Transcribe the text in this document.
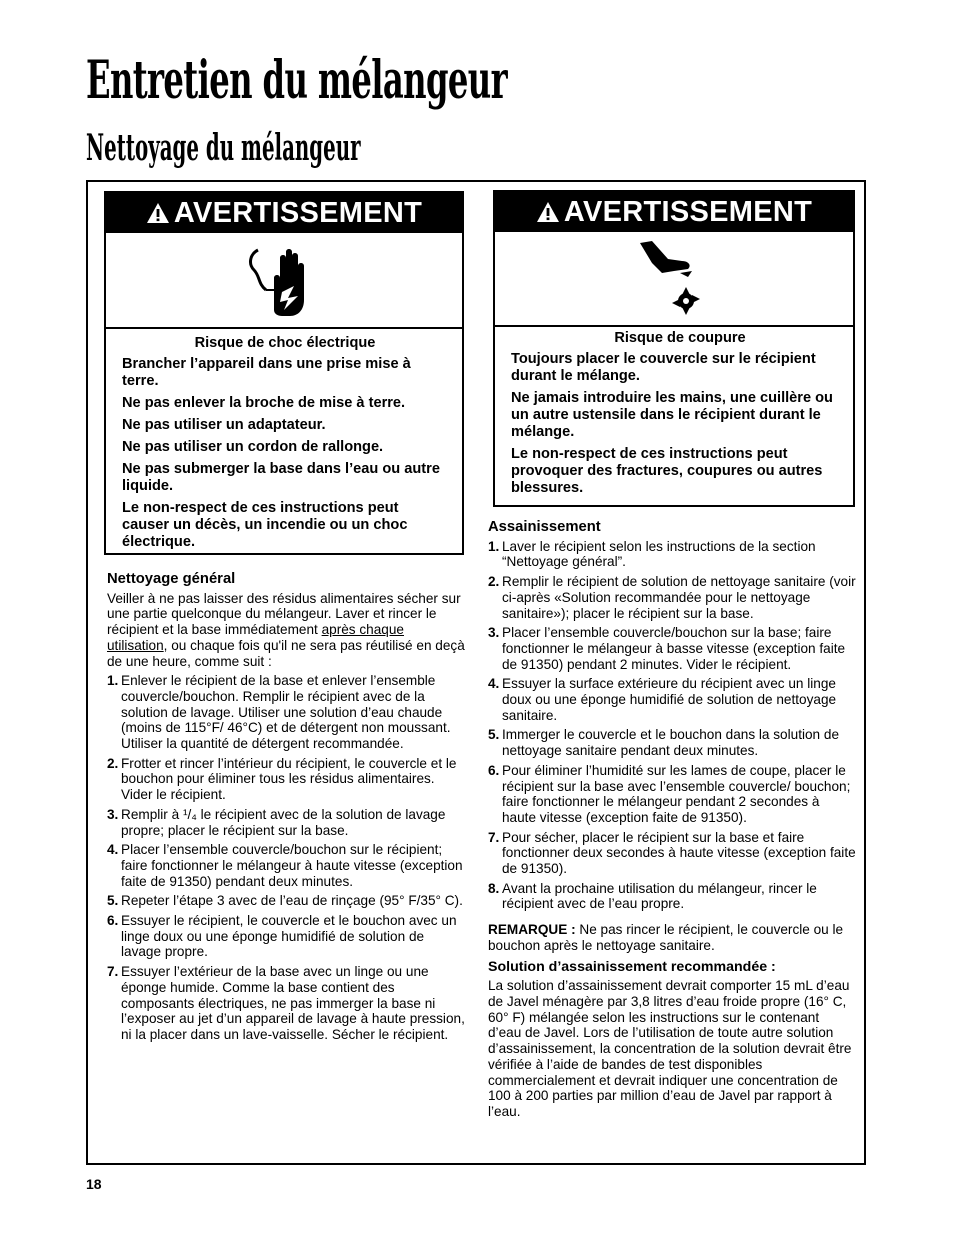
Entretien du mélangeur
Nettoyage du mélangeur
AVERTISSEMENT
Risque de choc électrique

Brancher l’appareil dans une prise mise à terre.

Ne pas enlever la broche de mise à terre.

Ne pas utiliser un adaptateur.

Ne pas utiliser un cordon de rallonge.

Ne pas submerger la base dans l’eau ou autre liquide.

Le non-respect de ces instructions peut causer un décès, un incendie ou un choc électrique.

AVERTISSEMENT
Risque de coupure

Toujours placer le couvercle sur le récipient durant le mélange.

Ne jamais introduire les mains, une cuillère ou un autre ustensile dans le récipient durant le mélange.

Le non-respect de ces instructions peut provoquer des fractures, coupures ou autres blessures.

Nettoyage général

Veiller à ne pas laisser des résidus alimentaires sécher sur une partie quelconque du mélangeur. Laver et rincer le récipient et la base immédiatement après chaque utilisation, ou chaque fois qu'il ne sera pas réutilisé en deçà de une heure, comme suit :

1. Enlever le récipient de la base et enlever l’ensemble couvercle/bouchon. Remplir le récipient avec de la solution de lavage. Utiliser une solution d’eau chaude (moins de 115°F/ 46°C) et de détergent non moussant. Utiliser la quantité de détergent recommandée.
2. Frotter et rincer l’intérieur du récipient, le couvercle et le bouchon pour éliminer tous les résidus alimentaires. Vider le récipient.
3. Remplir à ¹/₄ le récipient avec de la solution de lavage propre; placer le récipient sur la base.
4. Placer l’ensemble couvercle/bouchon sur le récipient; faire fonctionner le mélangeur à haute vitesse (exception faite de 91350) pendant deux minutes.
5. Repeter l’étape 3 avec de l’eau de rinçage (95° F/35° C).
6. Essuyer le récipient, le couvercle et le bouchon avec un linge doux ou une éponge humidifié de solution de lavage propre.
7. Essuyer l’extérieur de la base avec un linge ou une éponge humide. Comme la base contient des composants électriques, ne pas immerger la base ni l’exposer au jet d’un appareil de lavage à haute pression, ni la placer dans un lave-vaisselle. Sécher le récipient.
Assainissement
1. Laver le récipient selon les instructions de la section “Nettoyage général”.
2. Remplir le récipient de solution de nettoyage sanitaire (voir ci-après «Solution recommandée pour le nettoyage sanitaire»); placer le récipient sur la base.
3. Placer l’ensemble couvercle/bouchon sur la base; faire fonctionner le mélangeur à basse vitesse (exception faite de 91350) pendant 2 minutes. Vider le récipient.
4. Essuyer la surface extérieure du récipient avec un linge doux ou une éponge humidifié de solution de nettoyage sanitaire.
5. Immerger le couvercle et le bouchon dans la solution de nettoyage sanitaire pendant deux minutes.
6. Pour éliminer l’humidité sur les lames de coupe, placer le récipient sur la base avec l’ensemble couvercle/ bouchon; faire fonctionner le mélangeur pendant 2 secondes à haute vitesse (exception faite de 91350).
7. Pour sécher, placer le récipient sur la base et faire fonctionner deux secondes à haute vitesse (exception faite de 91350).
8. Avant la prochaine utilisation du mélangeur, rincer le récipient avec de l’eau propre.

REMARQUE : Ne pas rincer le récipient, le couvercle ou le bouchon après le nettoyage sanitaire.

Solution d’assainissement recommandée :

La solution d’assainissement devrait comporter 15 mL d’eau de Javel ménagère par 3,8 litres d’eau froide propre (16° C, 60° F) mélangée selon les instructions sur le contenant d’eau de Javel. Lors de l’utilisation de toute autre solution d’assainissement, la concentration de la solution devrait être vérifiée à l’aide de bandes de test disponibles commercialement et devrait indiquer une concentration de 100 à 200 parties par million d’eau de Javel par rapport à l’eau.

18
